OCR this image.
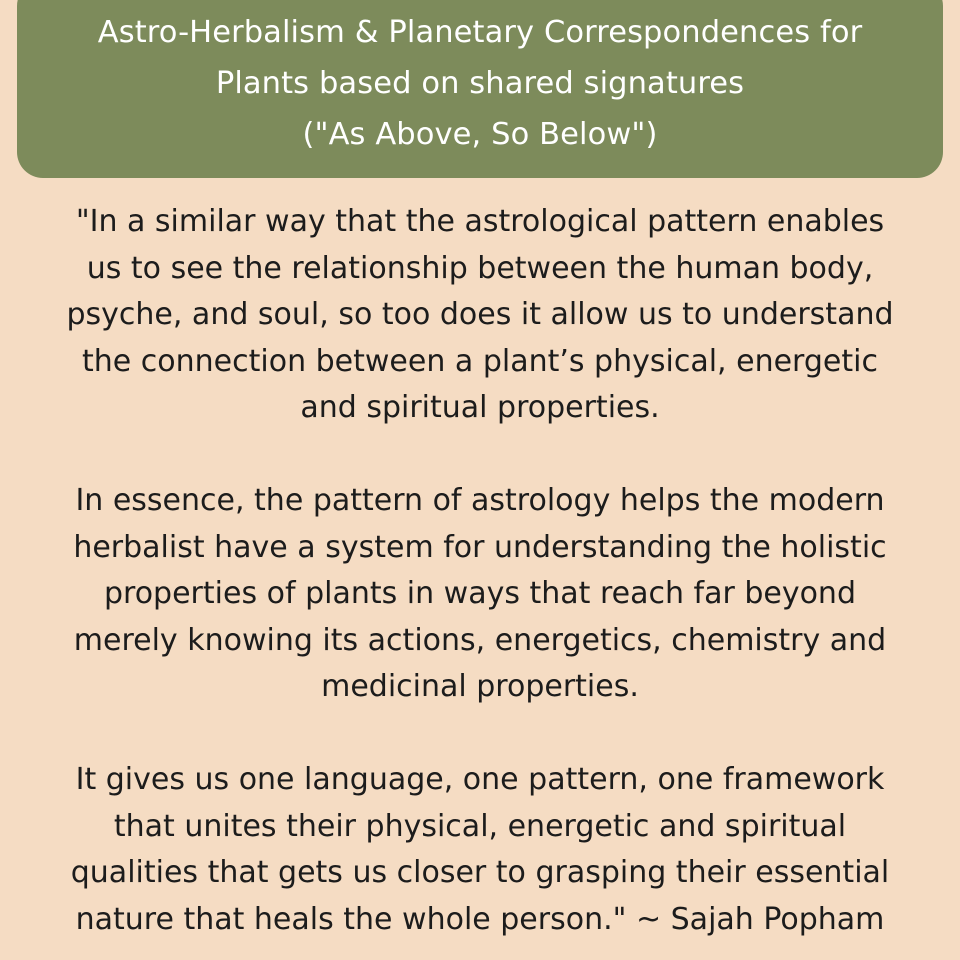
Astro-Herbalism & Planetary Correspondences for
Plants based on shared signatures
("As Above, So Below")
"In a similar way that the astrological pattern enables
us to see the relationship between the human body,
psyche, and soul, so too does it allow us to understand
the connection between a plant’s physical, energetic
and spiritual properties.
In essence, the pattern of astrology helps the modern
herbalist have a system for understanding the holistic
properties of plants in ways that reach far beyond
merely knowing its actions, energetics, chemistry and
medicinal properties.
It gives us one language, one pattern, one framework
that unites their physical, energetic and spiritual
qualities that gets us closer to grasping their essential
nature that heals the whole person." ~ Sajah Popham
